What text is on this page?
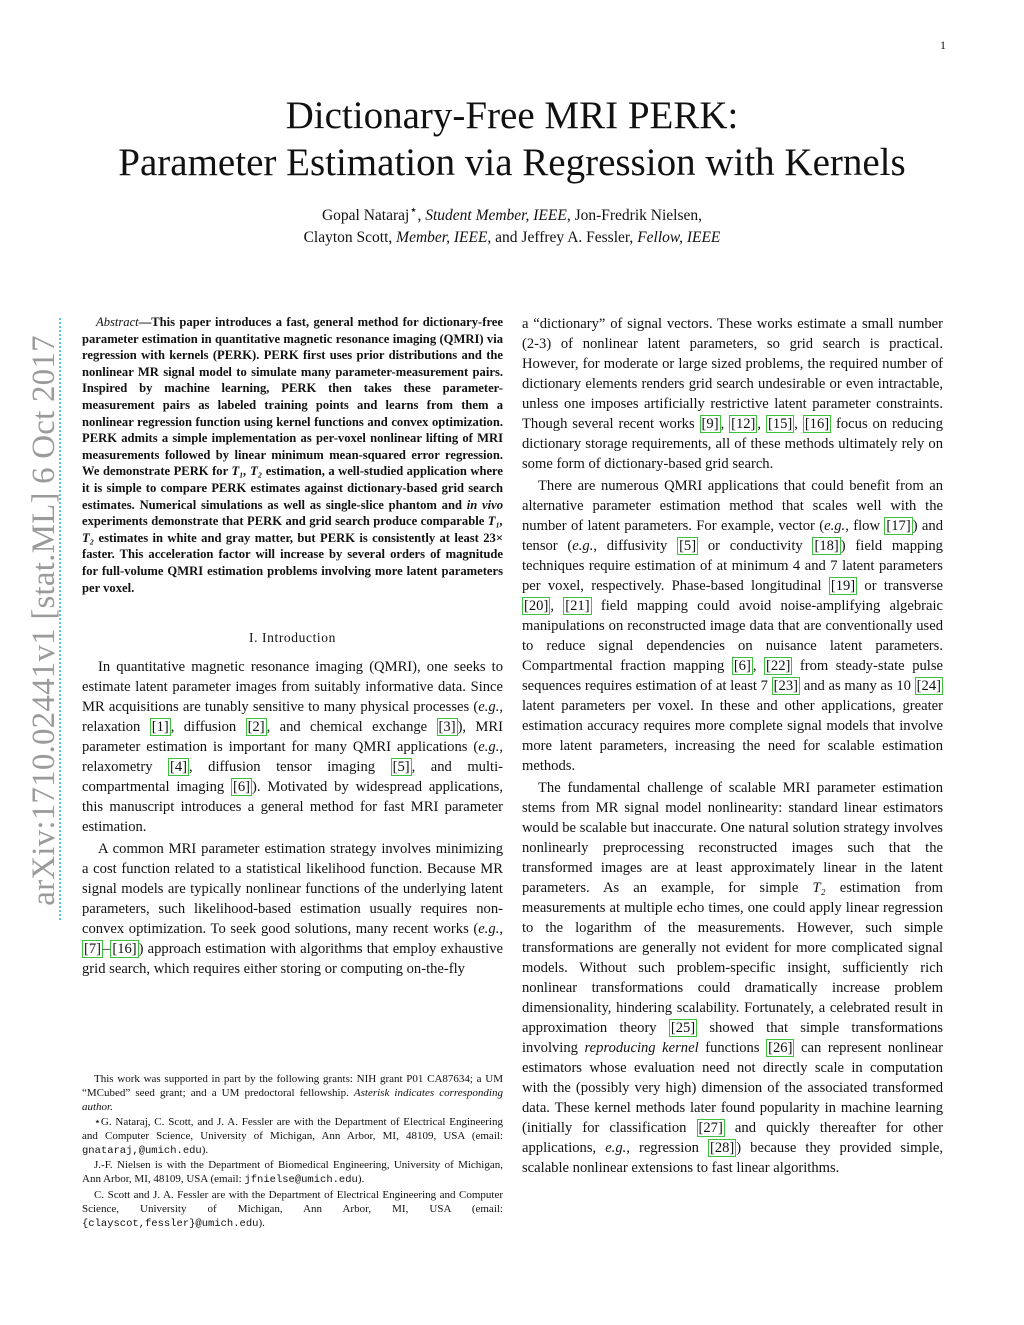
1
arXiv:1710.02441v1 [stat.ML] 6 Oct 2017
Dictionary-Free MRI PERK:
Parameter Estimation via Regression with Kernels
Gopal Nataraj⋆, Student Member, IEEE, Jon-Fredrik Nielsen,
Clayton Scott, Member, IEEE, and Jeffrey A. Fessler, Fellow, IEEE

Abstract—This paper introduces a fast, general method for dictionary-free parameter estimation in quantitative magnetic resonance imaging (QMRI) via regression with kernels (PERK). PERK first uses prior distributions and the nonlinear MR signal model to simulate many parameter-measurement pairs. Inspired by machine learning, PERK then takes these parameter-measurement pairs as labeled training points and learns from them a nonlinear regression function using kernel functions and convex optimization. PERK admits a simple implementation as per-voxel nonlinear lifting of MRI measurements followed by linear minimum mean-squared error regression. We demonstrate PERK for T₁, T₂ estimation, a well-studied application where it is simple to compare PERK estimates against dictionary-based grid search estimates. Numerical simulations as well as single-slice phantom and in vivo experiments demonstrate that PERK and grid search produce comparable T₁, T₂ estimates in white and gray matter, but PERK is consistently at least 23× faster. This acceleration factor will increase by several orders of magnitude for full-volume QMRI estimation problems involving more latent parameters per voxel.

I. Introduction

In quantitative magnetic resonance imaging (QMRI), one seeks to estimate latent parameter images from suitably informative data. Since MR acquisitions are tunably sensitive to many physical processes (e.g., relaxation [1] , diffusion [2] , and chemical exchange [3] ), MRI parameter estimation is important for many QMRI applications (e.g., relaxometry [4] , diffusion tensor imaging [5] , and multi-compartmental imaging [6] ). Motivated by widespread applications, this manuscript introduces a general method for fast MRI parameter estimation.

A common MRI parameter estimation strategy involves minimizing a cost function related to a statistical likelihood function. Because MR signal models are typically nonlinear functions of the underlying latent parameters, such likelihood-based estimation usually requires non-convex optimization. To seek good solutions, many recent works (e.g., [7] – [16] ) approach estimation with algorithms that employ exhaustive grid search, which requires either storing or computing on-the-fly

This work was supported in part by the following grants: NIH grant P01 CA87634; a UM “MCubed” seed grant; and a UM predoctoral fellowship. Asterisk indicates corresponding author.

⋆G. Nataraj, C. Scott, and J. A. Fessler are with the Department of Electrical Engineering and Computer Science, University of Michigan, Ann Arbor, MI, 48109, USA (email: gnataraj,@umich.edu).

J.-F. Nielsen is with the Department of Biomedical Engineering, University of Michigan, Ann Arbor, MI, 48109, USA (email: jfnielse@umich.edu).

C. Scott and J. A. Fessler are with the Department of Electrical Engineering and Computer Science, University of Michigan, Ann Arbor, MI, USA (email: {clayscot,fessler}@umich.edu).

a “dictionary” of signal vectors. These works estimate a small number (2-3) of nonlinear latent parameters, so grid search is practical. However, for moderate or large sized problems, the required number of dictionary elements renders grid search undesirable or even intractable, unless one imposes artificially restrictive latent parameter constraints. Though several recent works [9] , [12] , [15] , [16] focus on reducing dictionary storage requirements, all of these methods ultimately rely on some form of dictionary-based grid search.

There are numerous QMRI applications that could benefit from an alternative parameter estimation method that scales well with the number of latent parameters. For example, vector (e.g., flow [17] ) and tensor (e.g., diffusivity [5] or conductivity [18] ) field mapping techniques require estimation of at minimum 4 and 7 latent parameters per voxel, respectively. Phase-based longitudinal [19] or transverse [20] , [21] field mapping could avoid noise-amplifying algebraic manipulations on reconstructed image data that are conventionally used to reduce signal dependencies on nuisance latent parameters. Compartmental fraction mapping [6] , [22] from steady-state pulse sequences requires estimation of at least 7 [23] and as many as 10 [24] latent parameters per voxel. In these and other applications, greater estimation accuracy requires more complete signal models that involve more latent parameters, increasing the need for scalable estimation methods.

The fundamental challenge of scalable MRI parameter estimation stems from MR signal model nonlinearity: standard linear estimators would be scalable but inaccurate. One natural solution strategy involves nonlinearly preprocessing reconstructed images such that the transformed images are at least approximately linear in the latent parameters. As an example, for simple T₂ estimation from measurements at multiple echo times, one could apply linear regression to the logarithm of the measurements. However, such simple transformations are generally not evident for more complicated signal models. Without such problem-specific insight, sufficiently rich nonlinear transformations could dramatically increase problem dimensionality, hindering scalability. Fortunately, a celebrated result in approximation theory [25] showed that simple transformations involving reproducing kernel functions [26] can represent nonlinear estimators whose evaluation need not directly scale in computation with the (possibly very high) dimension of the associated transformed data. These kernel methods later found popularity in machine learning (initially for classification [27] and quickly thereafter for other applications, e.g., regression [28] ) because they provided simple, scalable nonlinear extensions to fast linear algorithms.
